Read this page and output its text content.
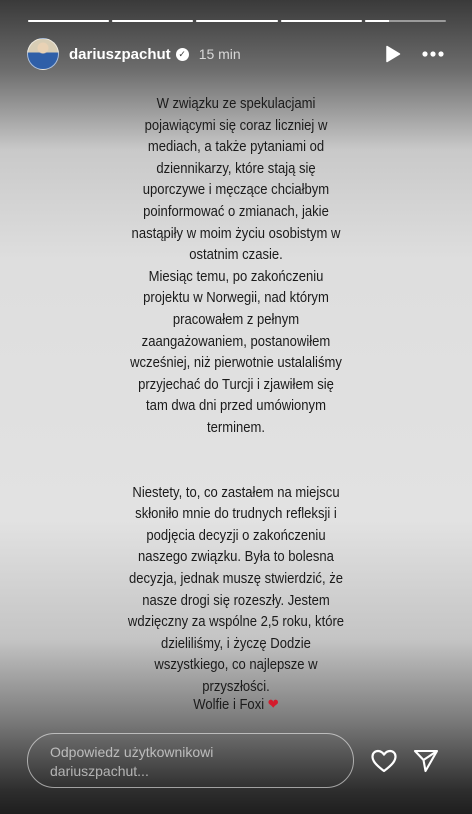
dariuszpachut ✓ 15 min

W związku ze spekulacjami

pojawiącymi się coraz liczniej w

mediach, a także pytaniami od

dziennikarzy, które stają się

uporczywe i męczące chciałbym

poinformować o zmianach, jakie

nastąpiły w moim życiu osobistym w

ostatnim czasie.

Miesiąc temu, po zakończeniu

projektu w Norwegii, nad którym

pracowałem z pełnym

zaangażowaniem, postanowiłem

wcześniej, niż pierwotnie ustalaliśmy

przyjechać do Turcji i zjawiłem się

tam dwa dni przed umówionym

terminem.

Niestety, to, co zastałem na miejscu

skłoniło mnie do trudnych refleksji i

podjęcia decyzji o zakończeniu

naszego związku. Była to bolesna

decyzja, jednak muszę stwierdzić, że

nasze drogi się rozeszły. Jestem

wdzięczny za wspólne 2,5 roku, które

dzieliliśmy, i życzę Dodzie

wszystkiego, co najlepsze w

przyszłości.

Wolfie i Foxi ❤
Odpowiedz użytkownikowi
dariuszpachut...
